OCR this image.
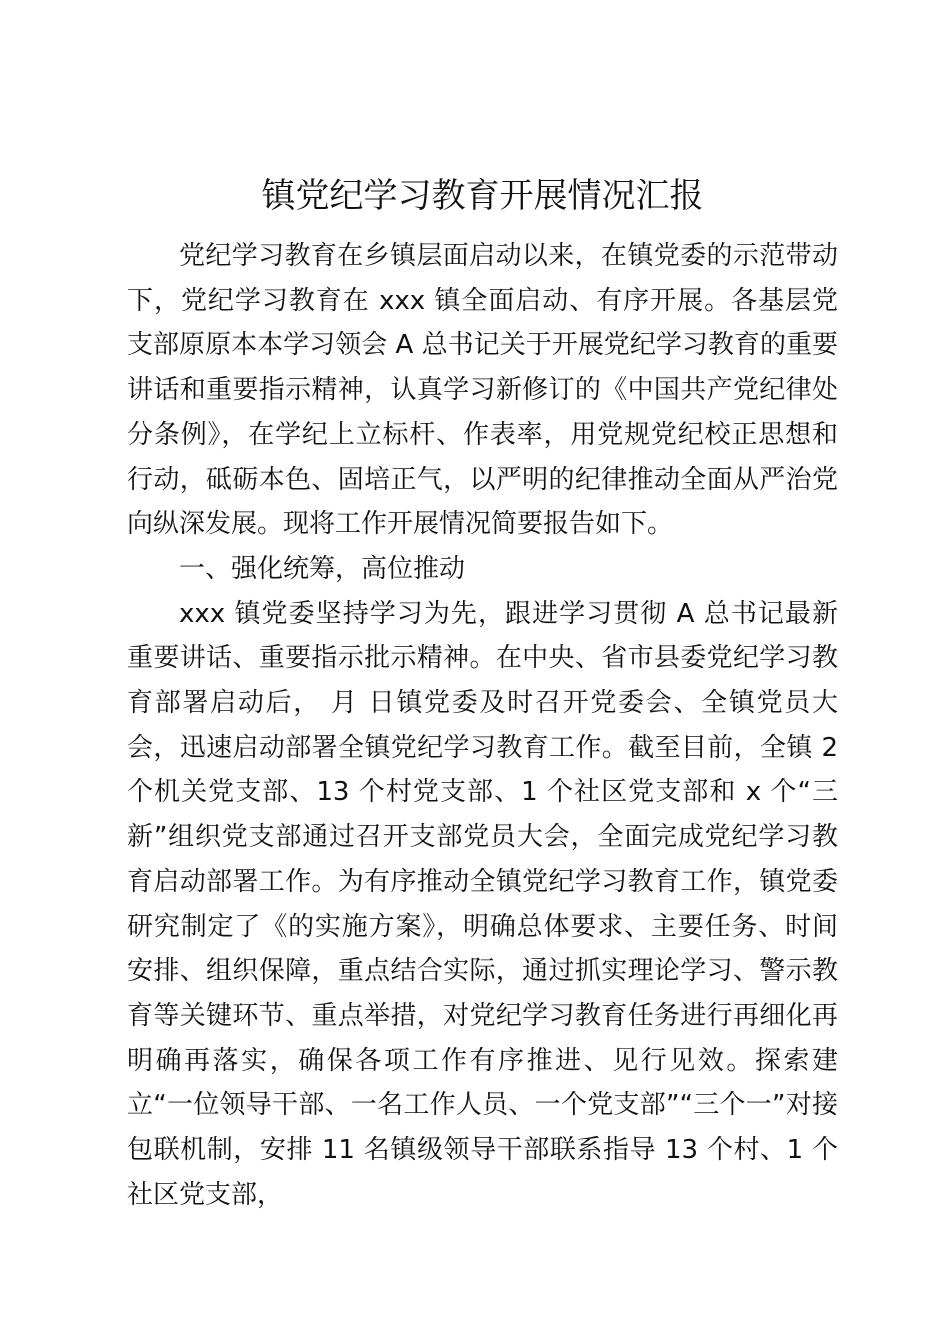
镇党纪学习教育开展情况汇报

党纪学习教育在乡镇层面启动以来，在镇党委的示范带动下，党纪学习教育在 xxx 镇全面启动、有序开展。各基层党支部原原本本学习领会 A 总书记关于开展党纪学习教育的重要讲话和重要指示精神，认真学习新修订的《中国共产党纪律处分条例》，在学纪上立标杆、作表率，用党规党纪校正思想和行动，砥砺本色、固培正气，以严明的纪律推动全面从严治党向纵深发展。现将工作开展情况简要报告如下。

一、强化统筹，高位推动

xxx 镇党委坚持学习为先，跟进学习贯彻 A 总书记最新重要讲话、重要指示批示精神。在中央、省市县委党纪学习教育部署启动后， 月 日镇党委及时召开党委会、全镇党员大会，迅速启动部署全镇党纪学习教育工作。截至目前，全镇 2 个机关党支部、13 个村党支部、1 个社区党支部和 x 个“三新”组织党支部通过召开支部党员大会，全面完成党纪学习教育启动部署工作。为有序推动全镇党纪学习教育工作，镇党委研究制定了《的实施方案》，明确总体要求、主要任务、时间安排、组织保障，重点结合实际，通过抓实理论学习、警示教育等关键环节、重点举措，对党纪学习教育任务进行再细化再明确再落实，确保各项工作有序推进、见行见效。探索建立“一位领导干部、一名工作人员、一个党支部”“三个一”对接包联机制，安排 11 名镇级领导干部联系指导 13 个村、1 个社区党支部，
